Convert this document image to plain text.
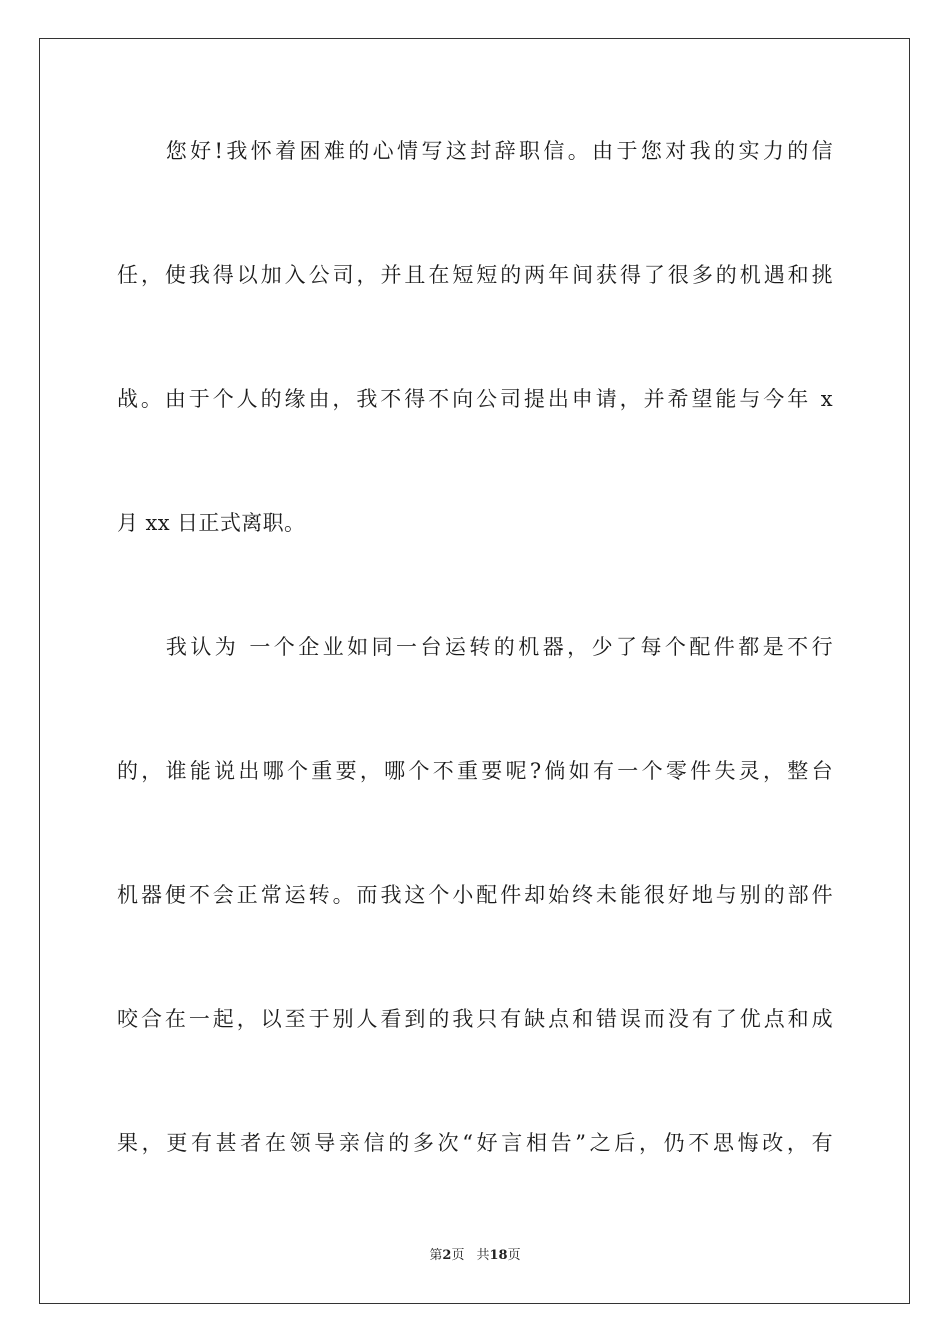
　　您好!我怀着困难的心情写这封辞职信。由于您对我的实力的信
任，使我得以加入公司，并且在短短的两年间获得了很多的机遇和挑
战。由于个人的缘由，我不得不向公司提出申请，并希望能与今年 x
月 xx 日正式离职。
　　我认为 一个企业如同一台运转的机器，少了每个配件都是不行
的，谁能说出哪个重要，哪个不重要呢?倘如有一个零件失灵，整台
机器便不会正常运转。而我这个小配件却始终未能很好地与别的部件
咬合在一起，以至于别人看到的我只有缺点和错误而没有了优点和成
果，更有甚者在领导亲信的多次“好言相告”之后，仍不思悔改，有
第2页 共18页
